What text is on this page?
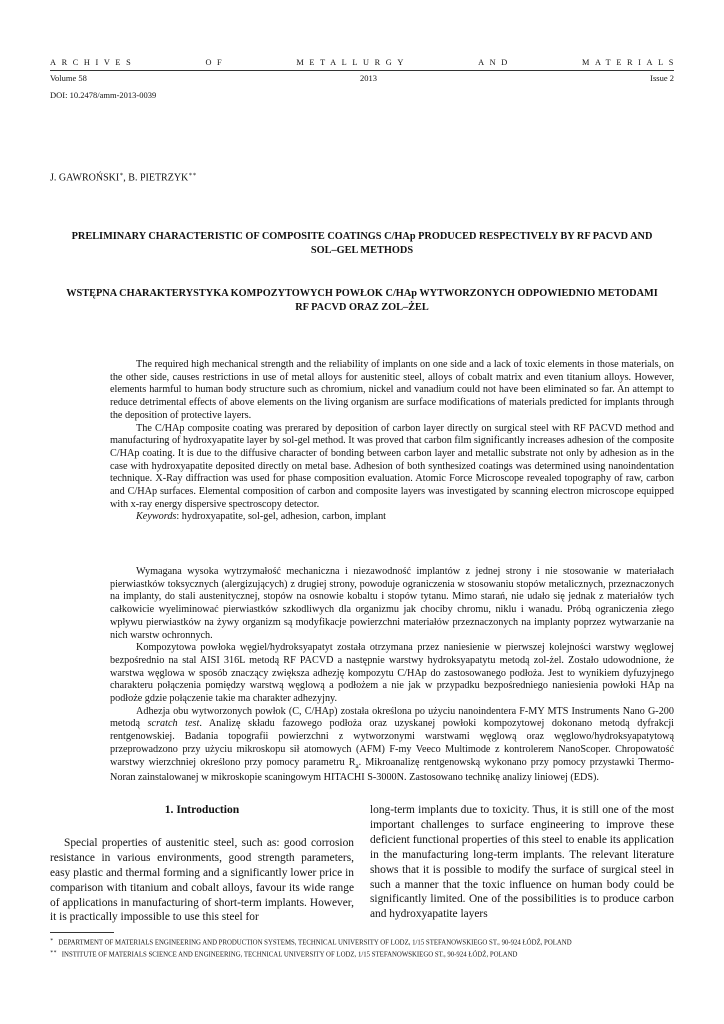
ARCHIVES	OF	METALLURGY	AND	MATERIALS
Volume 58	2013	Issue 2
DOI: 10.2478/amm-2013-0039
J. GAWROŃSKI∗, B. PIETRZYK∗∗
PRELIMINARY CHARACTERISTIC OF COMPOSITE COATINGS C/HAp PRODUCED RESPECTIVELY BY RF PACVD AND SOL–GEL METHODS
WSTĘPNA CHARAKTERYSTYKA KOMPOZYTOWYCH POWŁOK C/HAp WYTWORZONYCH ODPOWIEDNIO METODAMI RF PACVD ORAZ ZOL–ŻEL

The required high mechanical strength and the reliability of implants on one side and a lack of toxic elements in those materials, on the other side, causes restrictions in use of metal alloys for austenitic steel, alloys of cobalt matrix and even titanium alloys. However, elements harmful to human body structure such as chromium, nickel and vanadium could not have been eliminated so far. An attempt to reduce detrimental effects of above elements on the living organism are surface modifications of materials predicted for implants through the deposition of protective layers.

The C/HAp composite coating was prerared by deposition of carbon layer directly on surgical steel with RF PACVD method and manufacturing of hydroxyapatite layer by sol-gel method. It was proved that carbon film significantly increases adhesion of the composite C/HAp coating. It is due to the diffusive character of bonding between carbon layer and metallic substrate not only by adhesion as in the case with hydroxyapatite deposited directly on metal base. Adhesion of both synthesized coatings was determined using nanoindentation technique. X-Ray diffraction was used for phase composition evaluation. Atomic Force Microscope revealed topography of raw, carbon and C/HAp surfaces. Elemental composition of carbon and composite layers was investigated by scanning electron microscope equipped with x-ray energy dispersive spectroscopy detector.

Keywords: hydroxyapatite, sol-gel, adhesion, carbon, implant

Wymagana wysoka wytrzymałość mechaniczna i niezawodność implantów z jednej strony i nie stosowanie w materiałach pierwiastków toksycznych (alergizujących) z drugiej strony, powoduje ograniczenia w stosowaniu stopów metalicznych, przeznaczonych na implanty, do stali austenitycznej, stopów na osnowie kobaltu i stopów tytanu. Mimo starań, nie udało się jednak z materiałów tych całkowicie wyeliminować pierwiastków szkodliwych dla organizmu jak chociby chromu, niklu i wanadu. Próbą ograniczenia złego wpływu pierwiastków na żywy organizm są modyfikacje powierzchni materiałów przeznaczonych na implanty poprzez wytwarzanie na nich warstw ochronnych.

Kompozytowa powłoka węgiel/hydroksyapatyt została otrzymana przez naniesienie w pierwszej kolejności warstwy węglowej bezpośrednio na stal AISI 316L metodą RF PACVD a następnie warstwy hydroksyapatytu metodą zol-żel. Zostało udowodnione, że warstwa węglowa w sposób znaczący zwiększa adhezję kompozytu C/HAp do zastosowanego podłoża. Jest to wynikiem dyfuzyjnego charakteru połączenia pomiędzy warstwą węglową a podłożem a nie jak w przypadku bezpośredniego naniesienia powłoki HAp na podłoże gdzie połączenie takie ma charakter adhezyjny.

Adhezja obu wytworzonych powłok (C, C/HAp) została określona po użyciu nanoindentera F-MY MTS Instruments Nano G-200 metodą scratch test. Analizę składu fazowego podłoża oraz uzyskanej powłoki kompozytowej dokonano metodą dyfrakcji rentgenowskiej. Badania topografii powierzchni z wytworzonymi warstwami węglową oraz węglowo/hydroksyapatytową przeprowadzono przy użyciu mikroskopu sił atomowych (AFM) F-my Veeco Multimode z kontrolerem NanoScoper. Chropowatość warstwy wierzchniej określono przy pomocy parametru $R_a$. Mikroanalizę rentgenowską wykonano przy pomocy przystawki Thermo-Noran zainstalowanej w mikroskopie scaningowym HITACHI S-3000N. Zastosowano technikę analizy liniowej (EDS).

1. Introduction

Special properties of austenitic steel, such as: good corrosion resistance in various environments, good strength parameters, easy plastic and thermal forming and a significantly lower price in comparison with titanium and cobalt alloys, favour its wide range of applications in manufacturing of short-term implants. However, it is practically impossible to use this steel for

long-term implants due to toxicity. Thus, it is still one of the most important challenges to surface engineering to improve these deficient functional properties of this steel to enable its application in the manufacturing long-term implants. The relevant literature shows that it is possible to modify the surface of surgical steel in such a manner that the toxic influence on human body could be significantly limited. One of the possibilities is to produce carbon and hydroxyapatite layers

∗ DEPARTMENT OF MATERIALS ENGINEERING AND PRODUCTION SYSTEMS, TECHNICAL UNIVERSITY OF LODZ, 1/15 STEFANOWSKIEGO ST., 90-924 ŁÓDŹ, POLAND
∗∗ INSTITUTE OF MATERIALS SCIENCE AND ENGINEERING, TECHNICAL UNIVERSITY OF LODZ, 1/15 STEFANOWSKIEGO ST., 90-924 ŁÓDŹ, POLAND
